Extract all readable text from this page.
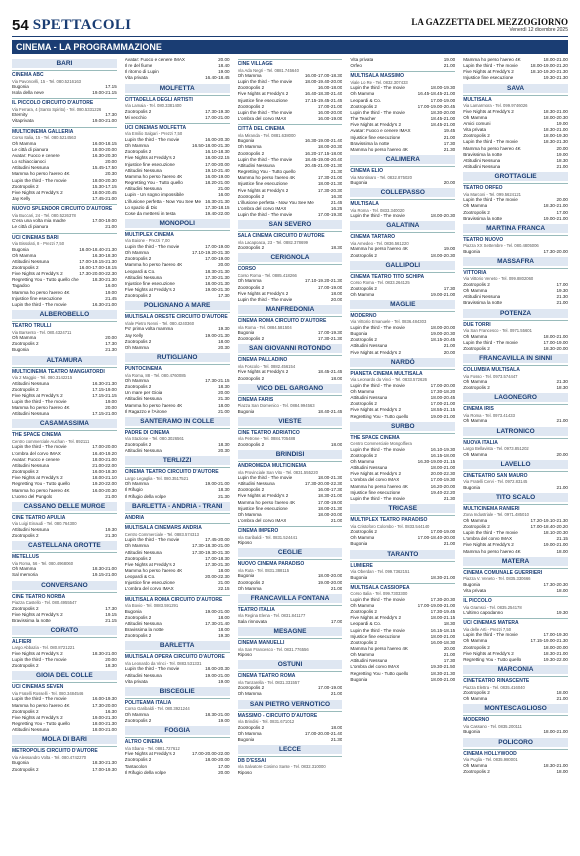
54 SPETTACOLI	LA GAZZETTA DEL MEZZOGIORNO
Venerdì 12 dicembre 2025
CINEMA - LA PROGRAMMAZIONE
BARI
CINEMA ABC
Via Pavoncelli, 15 - Tel. 080.5216163
Bugonia	17.15
Isola della neve	19.00-21.15
IL PICCOLO CIRCUITO D'AUTORE
Via Ferrara, 4 (Santo Spirito) - Tel. 080.5331226
Eternity	17.30
Vitaprivata	19.00-21.00
MULTICINEMA GALLERIA
Corso Italia, 15 - Tel. 080.5214563
Oh Mamma	16.00-18.15
Le città di pianura	18.00-20.00
Avatar: Fuoco e cenere	16.30-20.30
Lo schiaccianoci	20.00
Attitudini Nessuna	15.45-17.50
Mamma ho perso l'aereo 4K	20.30
Lupin the third - The movie	18.00-20.30
Zootropolis 2	15.30-17.15
Five Nights at Freddy's 2	18.00-20.45
Jay Kelly	17.45-21.00
NUOVO SPLENDOR CIRCUITO D'AUTORE
Via Buccari, 24 - Tel. 080.5226378
C'era una volta mia madre	17.00-19.00
Le città di pianura	21.00
UCI CINEMAS BARI
Via Bissolati, 8 - Prezzi 7,50
Bugonia	16.00-18.40-21.30
Oh Mamma	16.30-18.30
Attitudini Nessuna	17.00-19.15-21.30
Zootropolis 2	16.00-17.00-18.15
Five Nights at Freddy's 2	17.30-20.00-22.30
Regretting You - Tutto quello che	18.30-21.30
Tagadoo	16.00
Mamma ho perso l'aereo 4K	19.00
Injustice fine esecuzione	21.45
Lupin the third - The movie	16.30-21.00
ALBEROBELLO
TEATRO TRULLI
Via Barsento - Tel. 080.4324711
Oh Mamma	20.00
Zootropolis 2	17.30
Bugonia	21.30
ALTAMURA
MULTICINEMA TEATRO MANGIATORDI
Via 2 Maggio - Tel. 080.3142215
Attitudini Nessuna	16.30-21.30
Zootropolis 2	17.15-19.00
Five Nights at Freddy's 2	17.15-21.15
Lupin the third - The movie	19.00
Mamma ho perso l'aereo 4K	20.00
Attitudini Nessuna	17.15-21.00
CASAMASSIMA
THE SPACE CINEMA
Centro commerciale Auchan - Tel. 892111
Lupin the third - The movie	17.00-20.00
L'ombra del corvo IMAX	16.40-19.20
Avatar: Fuoco e cenere	18.00-21.00
Attitudini Nessuna	21.00-22.00
Zootropolis 2	16.00-18.30
Five Nights at Freddy's 2	18.00-21.10
Regretting You - Tutto quello	19.20-22.00
Mamma ho perso l'aereo 4K	16.00-20.30
L'uomo del Pungolo	21.00
CASSANO DELLE MURGE
CINE TEATRO APULIA
Via Luigi Einaudi - Tel. 080.764300
Attitudini Nessuna	19.30
Zootropolis 2	21.30
CASTELLANA GROTTE
METELLUS
Via Roma, 56 - Tel. 080.4968060
Oh Mamma	18.30-21.00
Sal memoria	19.15-21.00
CONVERSANO
CINE TEATRO NORBA
Piazza Castello - Tel. 080.4955547
Zootropolis 2	17.30
Five Nights at Freddy's 2	19.15
Bravissima la notte	21.15
CORATO
ALFIERI
Largo Abbazia - Tel. 080.8721221
Five Nights at Freddy's 2	18.30-21.00
Lupin the third - The movie	20.00
Zootropolis 2	18.30
GIOIA DEL COLLE
UCI CINEMAS SEVEN
Via Fratelli Rosselli - Tel. 080.3484546
Lupin the third - The movie	16.00-19.30
Mamma ho perso l'aereo 4K	17.30-20.00
Zootropolis 2	16.30
Five Nights at Freddy's 2	19.00-21.30
Regretting You - Tutto quello	18.00-21.30
Attitudini Nessuna	18.00-21.00
MOLA DI BARI
METROPOLIS CIRCUITO D'AUTORE
Via Alessandro Volta - Tel. 080.4742270
Bugonia	18.30-21.30
Zootropolis 2	17.00-19.30
Avatar: Fuoco e cenere IMAX	20.00
Il re del fiume	18.40
Il ritorno di Lupin	19.00
Vita privata	16.40-18.45
MOLFETTA
CITTADELLA DEGLI ARTISTI
Via Lamaia - Tel. 080.3381400
Zootropolis 2	17.30-19.30
Mi vecchio	17.00-21.00
UCI CINEMAS MOLFETTA
Via Emilio Salgari - Prezzi 7,50
Lupin the third - The movie	16.00-20.30
Oh Mamma	16.50-18.00-21.30
Zootropolis 2	16.10-18.30
Five Nights at Freddy's 2	18.00-22.15
Injustice fine esecuzione	17.00-20.00
Attitudini Nessuna	19.10-21.40
Mamma ho perso l'aereo 4K	16.00-19.00
Regretting You - Tutto quello	18.20-21.00
Attitudini Nessuna	21.00
Lupin - Un sogno impossibile	16.00
L'illusione perfetta - Now You See Me 16.30-21.30
Lo spazio di Dio	17.30-18.15
Cose da mettersi in testa	19.40-22.00
MONOPOLI
MULTIPLEX CINEMA
Via Baione - Prezzi 7,00
Lupin the third - The movie	17.00-19.00
Oh Mamma	17.10-19.20-21.30
Zootropolis 2	17.00-19.00
Mamma ho perso l'aereo 4K	20.00
Leopardi & Co.	18.30-21.30
Attitudini Nessuna	17.30-21.30
Injustice fine esecuzione	18.00-21.30
Five Nights at Freddy's 2	19.00-21.30
Zootropolis 2	17.30
POLIGNANO A MARE
MULTISALA ORESTE CIRCUITO D'AUTORE
Viale Pietro Nenni - Tel. 080.4240360
Po' prima volta mamma	19.30
Jay Kelly	19.00-21.30
Zootropolis 2	18.00
Oh Mamma	20.30
RUTIGLIANO
PUNTOCINEMA
Via Roma, 88 - Tel. 080.4760085
Oh Mamma	17.30-21.15
Zootropolis 2	18.30
Un mare per Gioia	20.00
Attitudini Nessuna	21.30
Mamma ho perso l'aereo 4K	18.00
Il Ragazzo e l'Airone	21.00
SANTERAMO IN COLLE
PADRE DI CINEMA
Via Stazione - Tel. 080.3026561
Zootropolis 2	18.30
Attitudini Nessuna	20.30
TERLIZZI
CINEMA TEATRO CIRCUITO D'AUTORE
Largo Legaglia - Tel. 080.3517521
Oh Mamma	19.00-21.00
Il Rifugio	18.30
Il Rifugio della volpe	21.30
BARLETTA - ANDRIA - TRANI
ANDRIA
MULTISALA CINEMARS ANDRIA
Centro Commerciale - Tel. 0883.574313
Lupin the third - The movie	17.45-20.00
Oh Mamma	17.30-18.30-21.00
Attitudini Nessuna	17.30-19.30-21.30
Zootropolis 2	17.00-18.30
Five Nights at Freddy's 2	17.30-21.30
Mamma ho perso l'aereo 4K	18.00
Leopardi & Co.	20.00-22.30
Injustice fine esecuzione	21.00
L'ombra del corvo IMAX	22.15
MULTISALA ROMA CIRCUITO D'AUTORE
Via Bovio - Tel. 0883.591291
Bugonia	19.00-21.00
Zootropolis 2	18.00
Attitudini Nessuna	17.30-21.40
Bravissima la notte	18.00
Zootropolis 2	19.30
BARLETTA
MULTISALA OPERA CIRCUITO D'AUTORE
Via Leonardo da Vinci - Tel. 0883.531331
Lupin the third - The movie	18.00-20.30
Attitudini Nessuna	19.00-21.00
Vita privata	19.00
BISCEGLIE
POLITEAMA ITALIA
Corso Garibaldi - Tel. 080.3921244
Oh Mamma	18.30-21.00
Zootropolis 2	19.00
FOGGIA
ALTRO CINEMA
Via Sbano - Tel. 0881.727612
Five Nights at Freddy's 2	17.00-20.00-22.00
Zootropolis 2	18.00-20.00
Tantacolon	17.00
Il Rifugio della volpe	20.00
CINE VILLAGE
Via Ada Negri - Tel. 0881.745640
Oh Mamma	16.00-17.00-18.30
Lupin the third - The movie	18.00-19.40-20.00
Zootropolis 2	16.00-18.00
Five Nights at Freddy's 2	16.40-18.30-21.40
Injustice fine esecuzione	17.15-19.45-21.45
Zootropolis 2	17.00-21.00
Lupin the third - The movie	16.00-20.00
L'ombra del corvo IMAX	16.00-19.00
CITTÀ DEL CINEMA
Via Miranda - Tel. 0881.638000
Bugonia	16.30-19.00-21.40
Oh Mamma	18.00-20.30
Zootropolis 2	16.20-17.15-18.00
Lupin the third - The movie	18.45-19.00-20.40
Attitudini Nessuna	20.45-21.00-21.30
Regretting You - Tutto quello	21.30
Mamma ho perso l'aereo 4K	17.30-21.00
Injustice fine esecuzione	18.00-21.30
Five Nights at Freddy's 2	17.30-20.30
Zootropolis 2	16.30
L'illusione perfetta - Now You See Me	21.45
L'ombra del corvo IMAX	16.25
Lupin the third - The movie	17.00-19.30
SAN SEVERO
SALA CINEMA CIRCUITO D'AUTORE
Via Lacapoaca, 23 - Tel. 0882.378699
Zootropolis 2	18.30
CERIGNOLA
CORSO
Corso Roma - Tel. 0885.418266
Oh Mamma	17.10-19.20-21.30
Zootropolis 2	17.00-19.00
Five Nights at Freddy's 2	18.00
Lupin the third - The movie	20.00
MANFREDONIA
CINEMA ROMA CIRCUITO D'AUTORE
Via Roma - Tel. 0884.581504
Bugonia	17.00-19.30
Zootropolis 2	17.30-21.30
SAN GIOVANNI ROTONDO
CINEMA PALLADINO
Via Foscolo - Tel. 0882.456154
Five Nights at Freddy's 2	18.45-21.45
Zootropolis 2	18.00
VICO DEL GARGANO
CINEMA FARIS
Piazza San Domenico - Tel. 0884.994563
Bugonia	18.40-21.45
VIESTE
CINE TEATRO ADRIATICO
Via Petrone - Tel. 0884.705488
Zootropolis 2	18.00
BRINDISI
ANDROMEDA MULTICINEMA
Via Provinciale San Vito - Tel. 0831.555220
Lupin the third - The movie	18.00-21.30
Attitudini Nessuna	17.30-20.00-22.30
Zootropolis 2	16.00-17.30
Five Nights at Freddy's 2	18.30-21.00
Mamma ho perso l'aereo 4K	17.00-19.00
Injustice fine esecuzione	18.00-21.30
Oh Mamma	18.00-20.00
L'ombra del corvo IMAX	21.00
CINEMA IMPERO
Via Garibaldi - Tel. 0831.524441
Riposo
CEGLIE
NUOVO CINEMA PARADISO
Via Ruta - Tel. 0831.388115
Bugonia	18.00-20.00
Zootropolis 2	19.00-20.00
Oh Mamma	21.00
FRANCAVILLA FONTANA
TEATRO ITALIA
Via Regina Elena - Tel. 0831.841177
Sala rinnovata	17.00
MESAGNE
CINEMA MANUELLI
Via San Francesco - Tel. 0831.776556
Riposo
OSTUNI
CINEMA TEATRO ROMA
Via Tanzarella - Tel. 0831.331557
Zootropolis 2	17.00-19.00
Oh Mamma	21.00
SAN PIETRO VERNOTICO
MASSIMO - CIRCUITO D'AUTORE
Via Brindisi - Tel. 0831.671012
Zootropolis 2	18.00
Oh Mamma	17.00-20.00-21.40
Bugonia	21.30
LECCE
DB D'ESSAI
Via Salvatore Cosimo Sante - Tel. 0832.310000
Riposo
Vita privata	19.00
Orfeo	21.00
MULTISALA MASSIMO
Viale Lo Re - Tel. 0832.307433
Lupin the third - The movie	18.00-19.30
Oh Mamma	16.45-18.45-21.00
Leopardi & Co.	17.00-19.00
Zootropolis 2	17.00-19.00-20.45
Lupin the third - The movie	18.30-20.00
The Teacher	18.45-21.00
Five Nights at Freddy's 2	18.45-21.00
Avatar: Fuoco e cenere IMAX	19.45
Injustice fine esecuzione	21.00
Bravissima la notte	17.30
Mamma ho perso l'aereo 4K	21.30
CALIMERA
CINEMA ELIO
Via Montinaro - Tel. 0832.875020
Bugonia	20.00
COLLEPASSO
MULTISALA
Via Roma - Tel. 0833.340020
Lupin the third - The movie	18.00-20.30
GALATINA
CINEMA TARTARO
Via Amedeo - Tel. 0836.561220
Mamma ho perso l'aereo 4K	19.00
Zootropolis 2	18.00-20.30
GALLIPOLI
CINEMA TEATRO TITO SCHIPA
Corso Roma - Tel. 0833.264125
Zootropolis 2	17.30
Oh Mamma	19.00-21.00
MAGLIE
MODERNO
Via Vittorio Emanuele - Tel. 0836.484303
Lupin the third - The movie	18.00-20.00
Bugonia	19.00-20.30
Zootropolis 2	18.15-20.45
Attitudini Nessuna	21.00
Five Nights at Freddy's 2	20.00
NARDÒ
PIANETA CINEMA MULTISALA
Via Leonardo da Vinci - Tel. 0833.572626
Lupin the third - The movie	17.00-20.00
Oh Mamma	17.30-18.20
Attitudini Nessuna	18.00-20.45
Zootropolis 2	17.00-21.00
Five Nights at Freddy's 2	18.55-21.15
Regretting You - Tutto quello	19.00-21.00
SURBO
THE SPACE CINEMA
Centro Commerciale Mongolfiera
Lupin the third - The movie	16.10-19.30
Zootropolis 2	16.15-18.00
Oh Mamma	16.30-19.00-21.15
Attitudini Nessuna	18.00-21.00
Five Nights at Freddy's 2	20.00-22.30
L'ombra del corvo IMAX	17.00-19.30
Mamma ho perso l'aereo 4K	16.20-20.00
Injustice fine esecuzione	19.40-22.20
Lupin the third - The movie	21.30
TRICASE
MULTIPLEX TEATRO PARADISO
Via Cristoforo Colombo - Tel. 0833.544140
Zootropolis 2	17.00-19.00
Oh Mamma	17.00-18.40-20.00
Bugonia	21.00
TARANTO
LUMIERE
Via Oberdan - Tel. 099.7362151
Bugonia	18.30-21.00
MULTISALA CASSIOPEA
Corso Italia - Tel. 099.7303300
Lupin the third - The movie	17.30-20.30
Oh Mamma	17.00-19.00-21.00
Zootropolis 2	17.30-19.45
Five Nights at Freddy's 2	18.00-21.15
Leopardi & Co.	18.30
Lupin the third - The movie	16.15-18.15
Injustice fine esecuzione	18.00-21.00
Zootropolis 2	16.00-18.30
Mamma ho perso l'aereo 4K	20.00
Oh Mamma	21.00
Attitudini Nessuna	17.30
L'ombra del corvo IMAX	19.30-21.50
Regretting You - Tutto quello	18.30-21.30
Bugonia	18.00-21.00
Mamma ho perso l'aereo 4K	18.00-21.00
Lupin the third - The movie	18.00-19.00-21.20
Five Nights at Freddy's 2	18.10-19.20-21.30
Injustice fine esecuzione	19.30-21.30
SAVA
MULTISALA
Via Lamarmora - Tel. 099.9746026
Five Nights at Freddy's 2	18.30-21.00
Oh Mamma	18.00-20.30
Amici comuni	19.00
Vita privata	18.30-21.00
Zootropolis 2	18.00-19.30
Lupin the third - The movie	18.30-21.30
Mamma ho perso l'aereo 4K	20.00
Bravissima la notte	19.00
Attitudini Nessuna	18.30
Attitudini Nessuna	21.00
GROTTAGLIE
TEATRO ORFEO
Via Marconi - Tel. 099.5624121
Lupin the third - The movie	20.00
Oh Mamma	18.30-21.00
Zootropolis 2	17.00
Bravissima la notte	19.00-21.00
MARTINA FRANCA
TEATRO NUOVO
Piazza XX Settembre - Tel. 080.4805006
Bugonia	17.30-20.00
MASSAFRA
VITTORIA
Via Vittorio Veneto - Tel. 099.8802060
Zootropolis 2	17.00
Oh Mamma	19.30
Attitudini Nessuna	21.30
Bravissima la notte	21.00
POTENZA
DUE TORRI
Via San Francesco - Tel. 0971.55601
Oh Mamma	18.00-21.00
Lupin the third - The movie	17.00-19.00
Zootropolis 2	18.30-20.00
FRANCAVILLA IN SINNI
COLUMBIA MULTISALA
Via Fosso - Tel. 0973.574447
Oh Mamma	21.30
Zootropolis 2	18.30
LAGONEGRO
CINEMA IRIS
Via Roma - Tel. 0973.41433
Oh Mamma	21.00
LATRONICO
NUOVA ITALIA
Largo Bellavista - Tel. 0973.851202
Oh Mamma	20.00
LAVELLO
CINETEATRO SAN MAURO
Via Fratelli Cervi - Tel. 0972.83145
Bugonia	21.00
TITO SCALO
MULTICINEMA RANIERI
Zona Industriale - Tel. 0971.485010
Oh Mamma	17.20-19.10-21.30
Zootropolis 2	17.00-18.40-20.20
Lupin the third - The movie	18.10-20.30
L'ombra del corvo IMAX	21.15
Five Nights at Freddy's 2	19.00-21.00
Mamma ho perso l'aereo 4K	18.00
MATERA
CINEMA COMUNALE GUERRIERI
Piazza V. Veneto - Tel. 0835.330666
Bugonia	17.30-20.30
Vita privata	18.00
IL PICCOLO
Via Gramsci - Tel. 0835.254178
L'ultimo capodanno	19.30
UCI CINEMAS MATERA
Via delle Arti - Prezzi 7,50
Lupin the third - The movie	17.00-19.30
Oh Mamma	17.15-19.00-21.30
Zootropolis 2	18.00-20.00
Five Nights at Freddy's 2	18.30-21.00
Regretting You - Tutto quello	19.30-22.00
MARCONIA
CINETEATRO RINASCENTE
Piazza Elettra - Tel. 0835.416040
Zootropolis 2	18.00
Oh Mamma	21.00
MONTESCAGLIOSO
MODERNO
Via Cassano - Tel. 0835.200111
Bugonia	18.00-21.00
POLICORO
CINEMA HOLLYWOOD
Via Puglia - Tel. 0835.980001
Oh Mamma	18.30-21.00
Zootropolis 2	18.00
